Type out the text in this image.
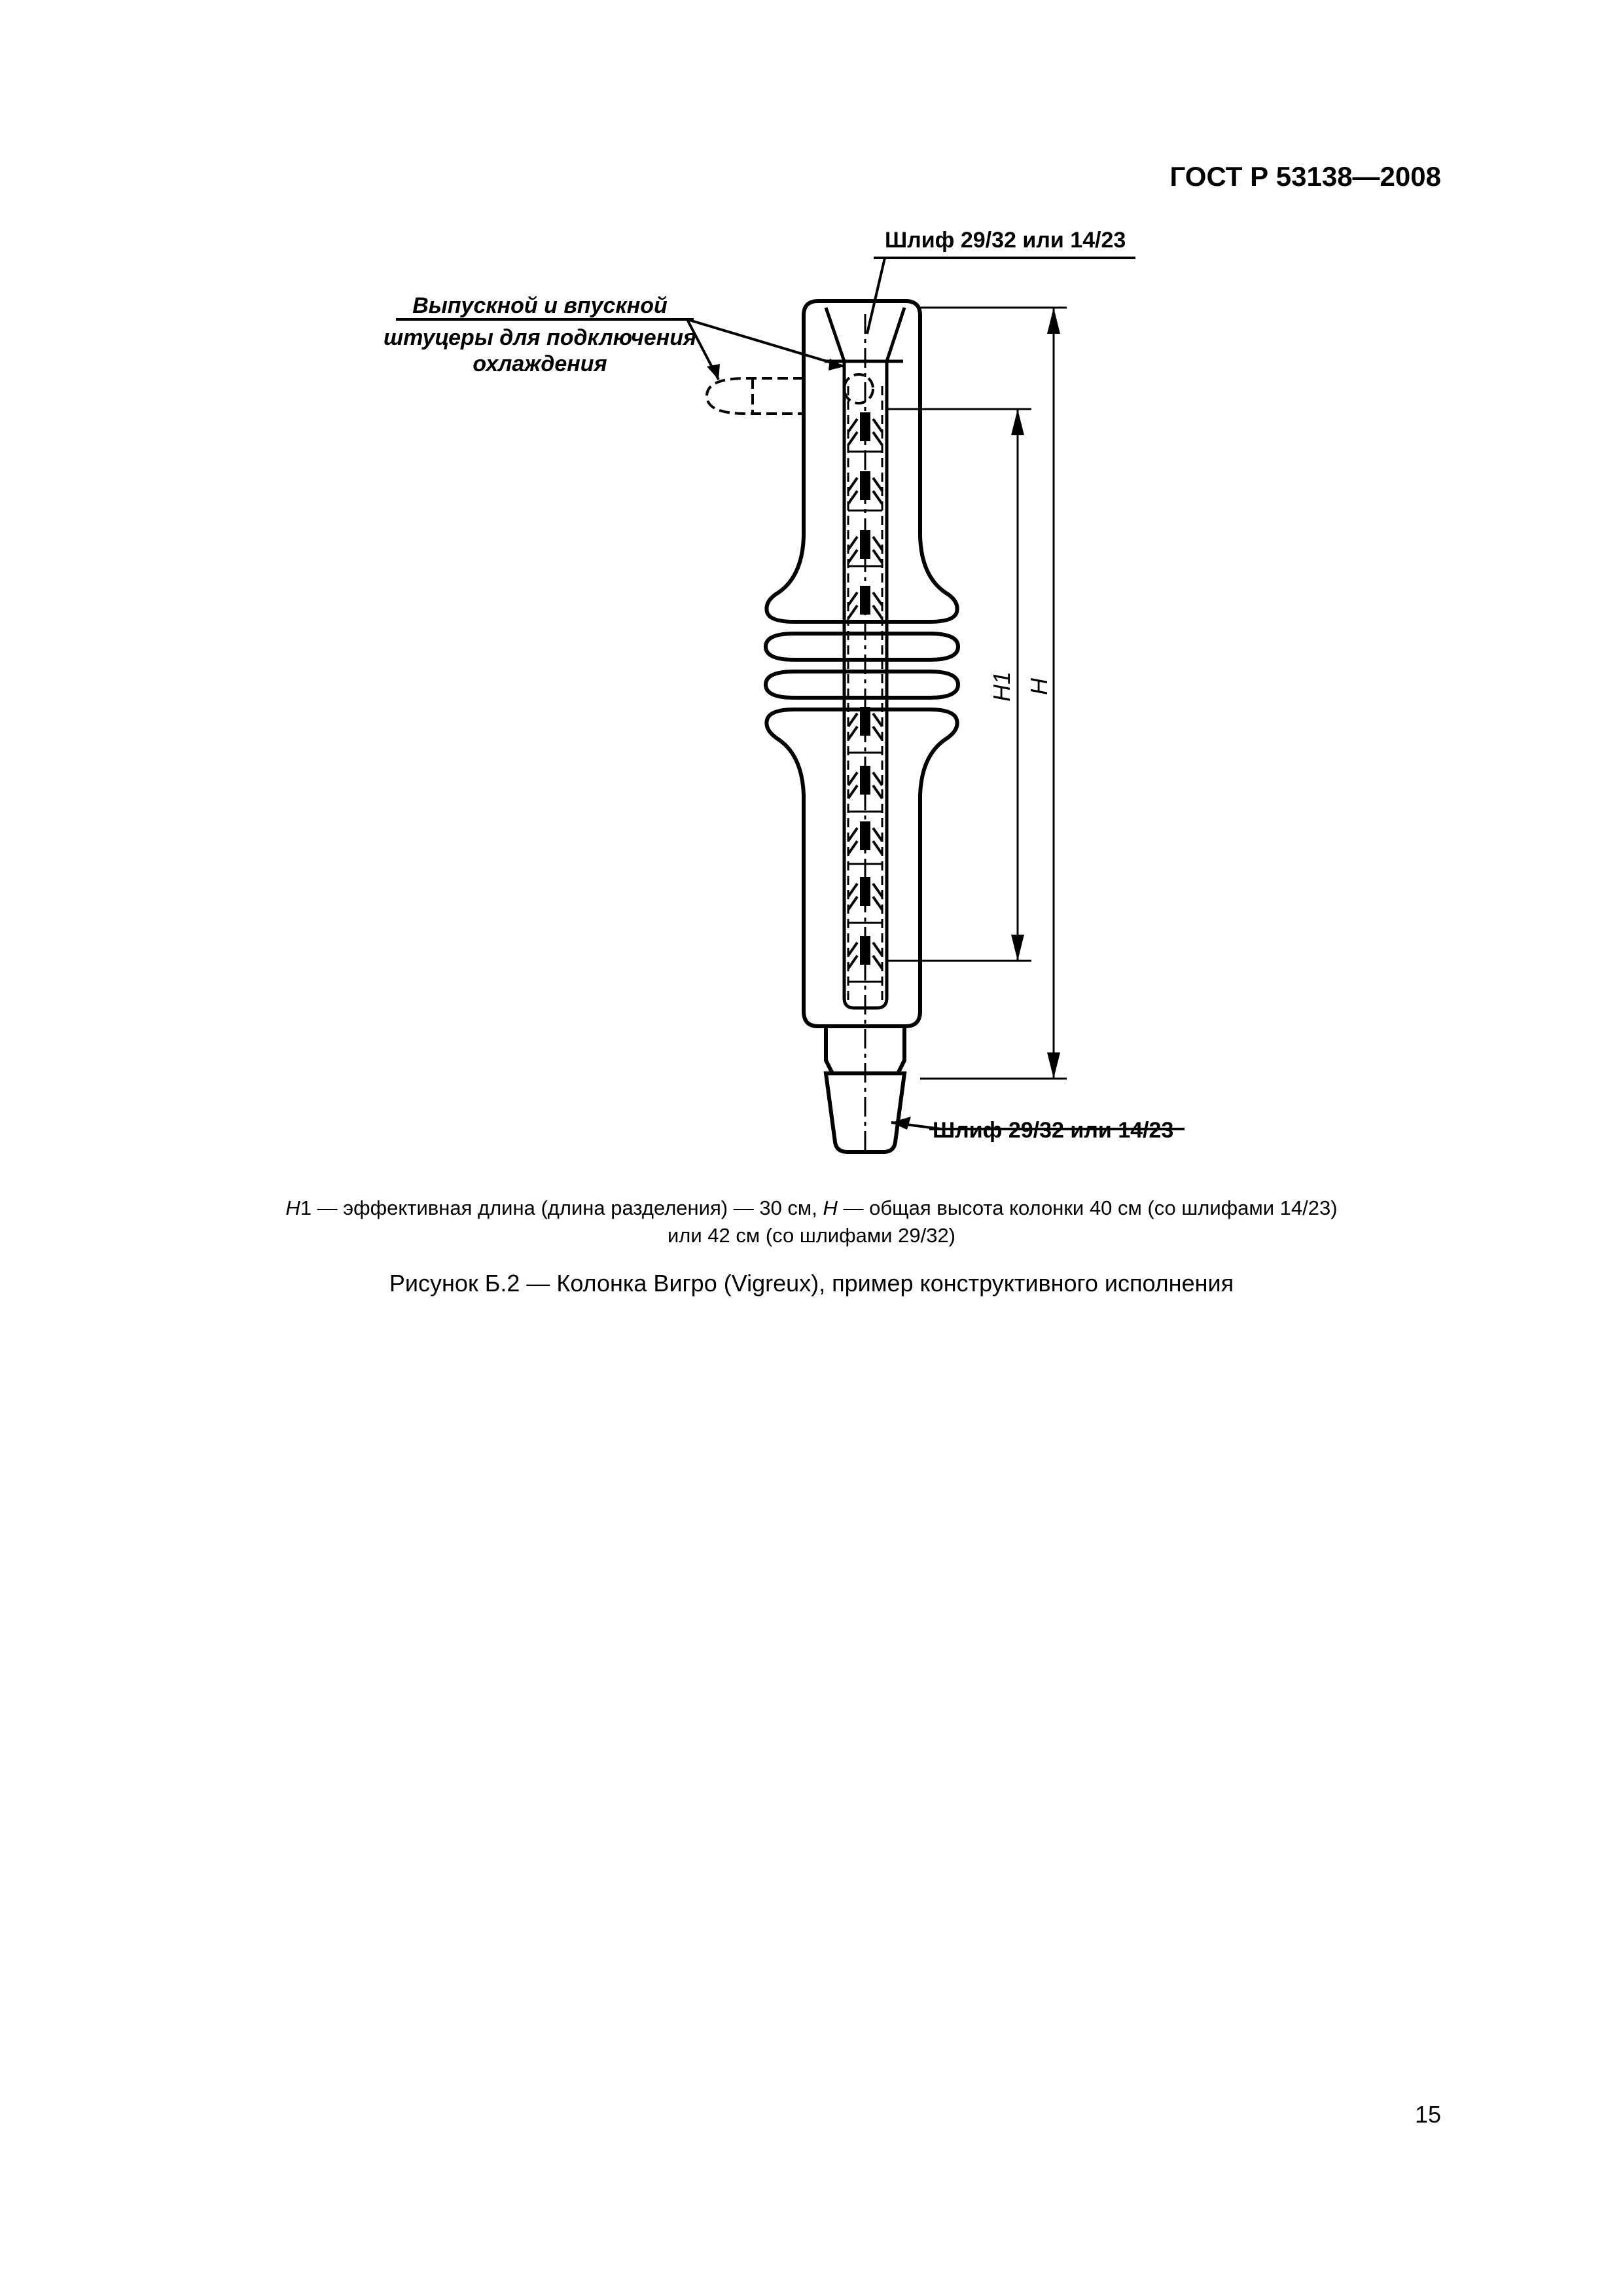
ГОСТ Р 53138—2008
Шлиф 29/32 или 14/23
Выпускной и впускной
штуцеры для подключения
охлаждения
Шлиф 29/32 или 14/23
H1 H
H1 — эффективная длина (длина разделения) — 30 см, H — общая высота колонки 40 см (со шлифами 14/23)
или 42 см (со шлифами 29/32)
Рисунок Б.2 — Колонка Вигро (Vigreux), пример конструктивного исполнения
15
